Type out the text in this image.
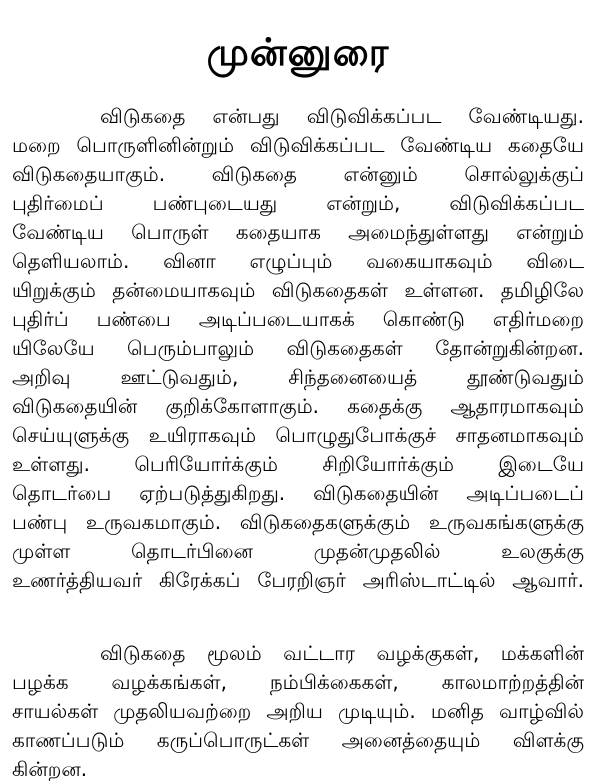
முன்னுரை
விடுகதை என்பது விடுவிக்கப்பட வேண்டியது.
மறை பொருளினின்றும் விடுவிக்கப்பட வேண்டிய கதையே
விடுகதையாகும். விடுகதை என்னும் சொல்லுக்குப்
புதிர்மைப் பண்புடையது என்றும், விடுவிக்கப்பட
வேண்டிய பொருள் கதையாக அமைந்துள்ளது என்றும்
தெளியலாம். வினா எழுப்பும் வகையாகவும் விடை
யிறுக்கும் தன்மையாகவும் விடுகதைகள் உள்ளன. தமிழிலே
புதிர்ப் பண்பை அடிப்படையாகக் கொண்டு எதிர்மறை
யிலேயே பெரும்பாலும் விடுகதைகள் தோன்றுகின்றன.
அறிவு ஊட்டுவதும், சிந்தனையைத் தூண்டுவதும்
விடுகதையின் குறிக்கோளாகும். கதைக்கு ஆதாரமாகவும்
செய்யுளுக்கு உயிராகவும் பொழுதுபோக்குச் சாதனமாகவும்
உள்ளது. பெரியோர்க்கும் சிறியோர்க்கும் இடையே
தொடர்பை ஏற்படுத்துகிறது. விடுகதையின் அடிப்படைப்
பண்பு உருவகமாகும். விடுகதைகளுக்கும் உருவகங்களுக்கு
முள்ள தொடர்பினை முதன்முதலில் உலகுக்கு
உணர்த்தியவர் கிரேக்கப் பேரறிஞர் அரிஸ்டாட்டில் ஆவார்.
விடுகதை மூலம் வட்டார வழக்குகள், மக்களின்
பழக்க வழக்கங்கள், நம்பிக்கைகள், காலமாற்றத்தின்
சாயல்கள் முதலியவற்றை அறிய முடியும். மனித வாழ்வில்
காணப்படும் கருப்பொருட்கள் அனைத்தையும் விளக்கு
கின்றன.
